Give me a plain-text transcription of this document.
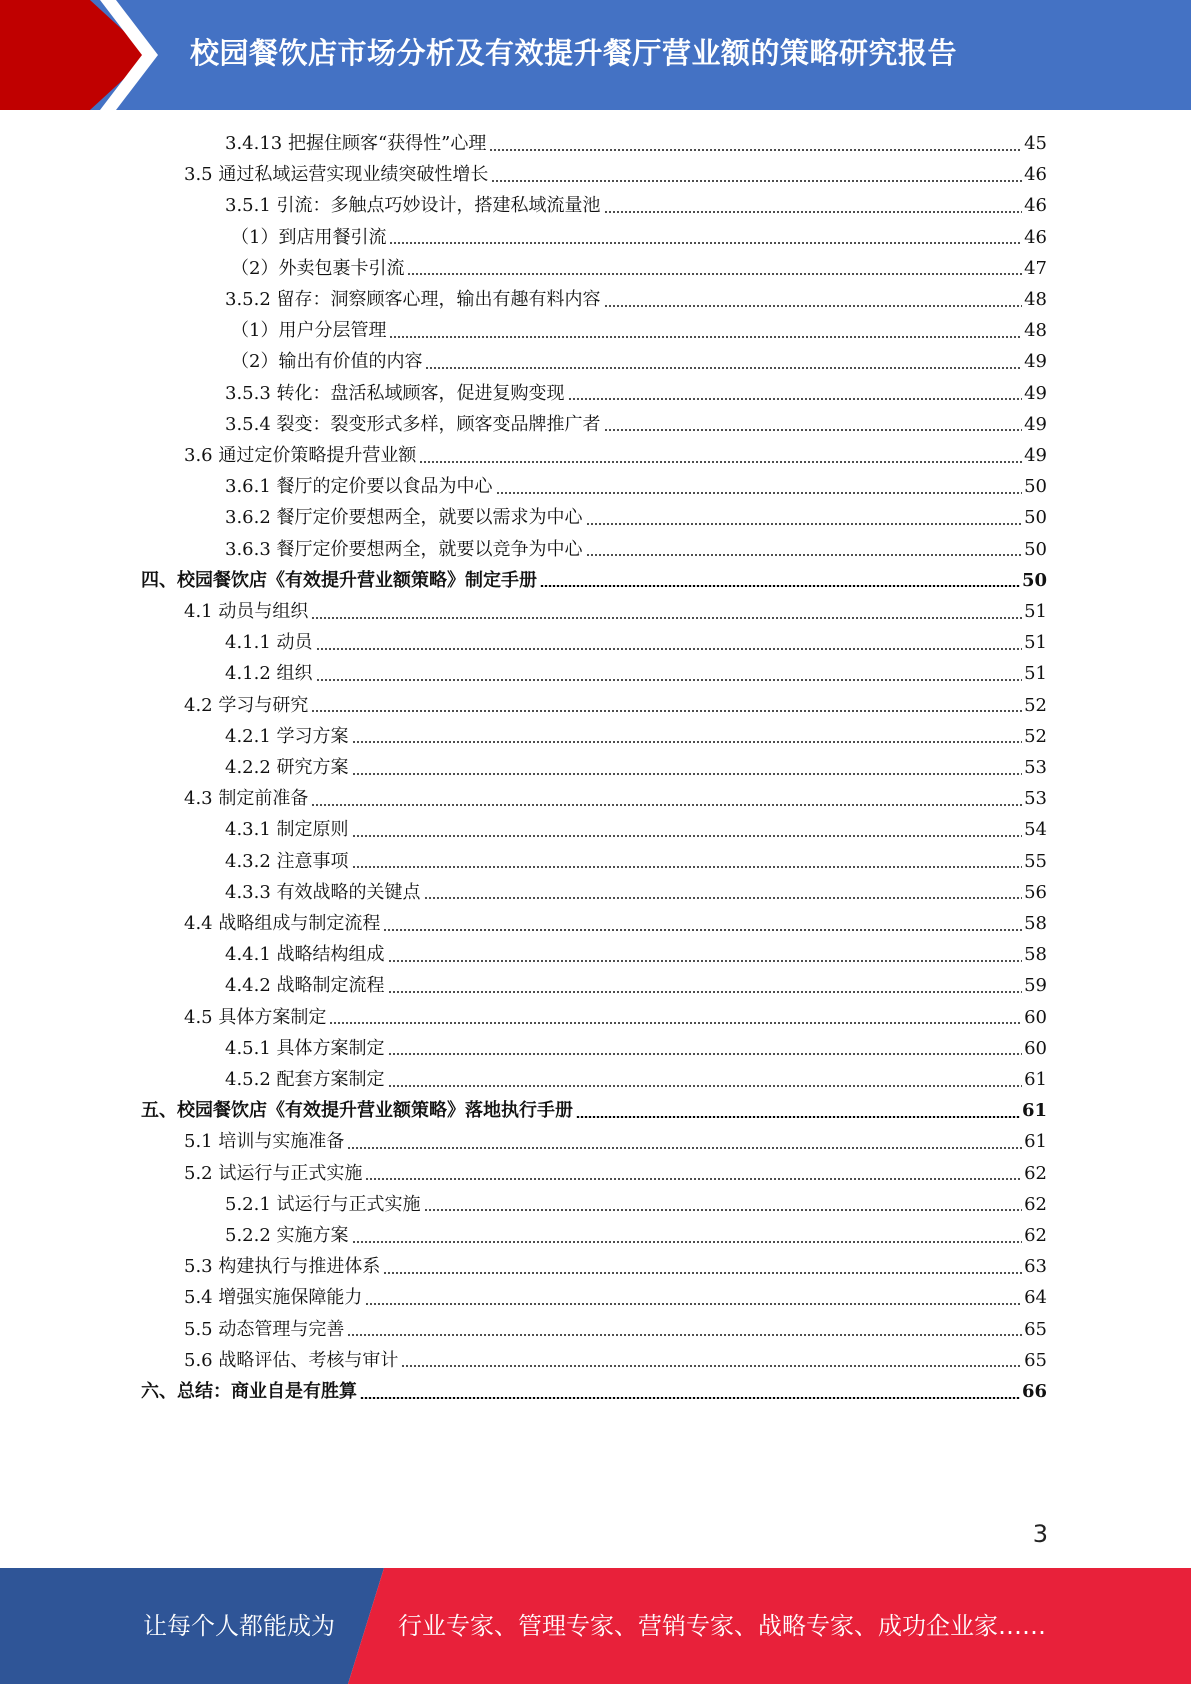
校园餐饮店市场分析及有效提升餐厅营业额的策略研究报告
3.4.13 把握住顾客“获得性”心理	45
3.5 通过私域运营实现业绩突破性增长	46
3.5.1 引流：多触点巧妙设计，搭建私域流量池	46
（1）到店用餐引流	46
（2）外卖包裹卡引流	47
3.5.2 留存：洞察顾客心理，输出有趣有料内容	48
（1）用户分层管理	48
（2）输出有价值的内容	49
3.5.3 转化：盘活私域顾客，促进复购变现	49
3.5.4 裂变：裂变形式多样，顾客变品牌推广者	49
3.6 通过定价策略提升营业额	49
3.6.1 餐厅的定价要以食品为中心	50
3.6.2 餐厅定价要想两全，就要以需求为中心	50
3.6.3 餐厅定价要想两全，就要以竞争为中心	50
四、校园餐饮店《有效提升营业额策略》制定手册	50
4.1 动员与组织	51
4.1.1 动员	51
4.1.2 组织	51
4.2 学习与研究	52
4.2.1 学习方案	52
4.2.2 研究方案	53
4.3 制定前准备	53
4.3.1 制定原则	54
4.3.2 注意事项	55
4.3.3 有效战略的关键点	56
4.4 战略组成与制定流程	58
4.4.1 战略结构组成	58
4.4.2 战略制定流程	59
4.5 具体方案制定	60
4.5.1 具体方案制定	60
4.5.2 配套方案制定	61
五、校园餐饮店《有效提升营业额策略》落地执行手册	61
5.1 培训与实施准备	61
5.2 试运行与正式实施	62
5.2.1 试运行与正式实施	62
5.2.2 实施方案	62
5.3 构建执行与推进体系	63
5.4 增强实施保障能力	64
5.5 动态管理与完善	65
5.6 战略评估、考核与审计	65
六、总结：商业自是有胜算	66
3
让每个人都能成为	行业专家、管理专家、营销专家、战略专家、成功企业家……
